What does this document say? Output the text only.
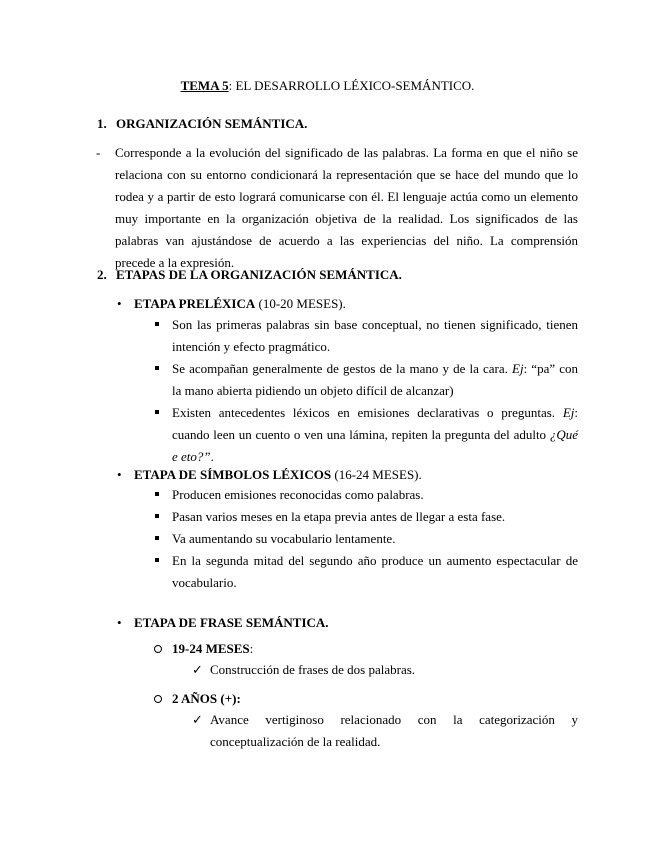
TEMA 5: EL DESARROLLO LÉXICO-SEMÁNTICO.
1. ORGANIZACIÓN SEMÁNTICA.
- Corresponde a la evolución del significado de las palabras. La forma en que el niño se relaciona con su entorno condicionará la representación que se hace del mundo que lo rodea y a partir de esto logrará comunicarse con él. El lenguaje actúa como un elemento muy importante en la organización objetiva de la realidad. Los significados de las palabras van ajustándose de acuerdo a las experiencias del niño. La comprensión precede a la expresión.
2. ETAPAS DE LA ORGANIZACIÓN SEMÁNTICA.
• ETAPA PRELÉXICA (10-20 MESES).
Son las primeras palabras sin base conceptual, no tienen significado, tienen intención y efecto pragmático.
Se acompañan generalmente de gestos de la mano y de la cara. Ej: “pa” con la mano abierta pidiendo un objeto difícil de alcanzar)
Existen antecedentes léxicos en emisiones declarativas o preguntas. Ej: cuando leen un cuento o ven una lámina, repiten la pregunta del adulto ¿Qué e eto?”.
• ETAPA DE SÍMBOLOS LÉXICOS (16-24 MESES).
Producen emisiones reconocidas como palabras.
Pasan varios meses en la etapa previa antes de llegar a esta fase.
Va aumentando su vocabulario lentamente.
En la segunda mitad del segundo año produce un aumento espectacular de vocabulario.
• ETAPA DE FRASE SEMÁNTICA.
19-24 MESES:
✓ Construcción de frases de dos palabras.
2 AÑOS (+):
✓ Avance vertiginoso relacionado con la categorización y conceptualización de la realidad.
